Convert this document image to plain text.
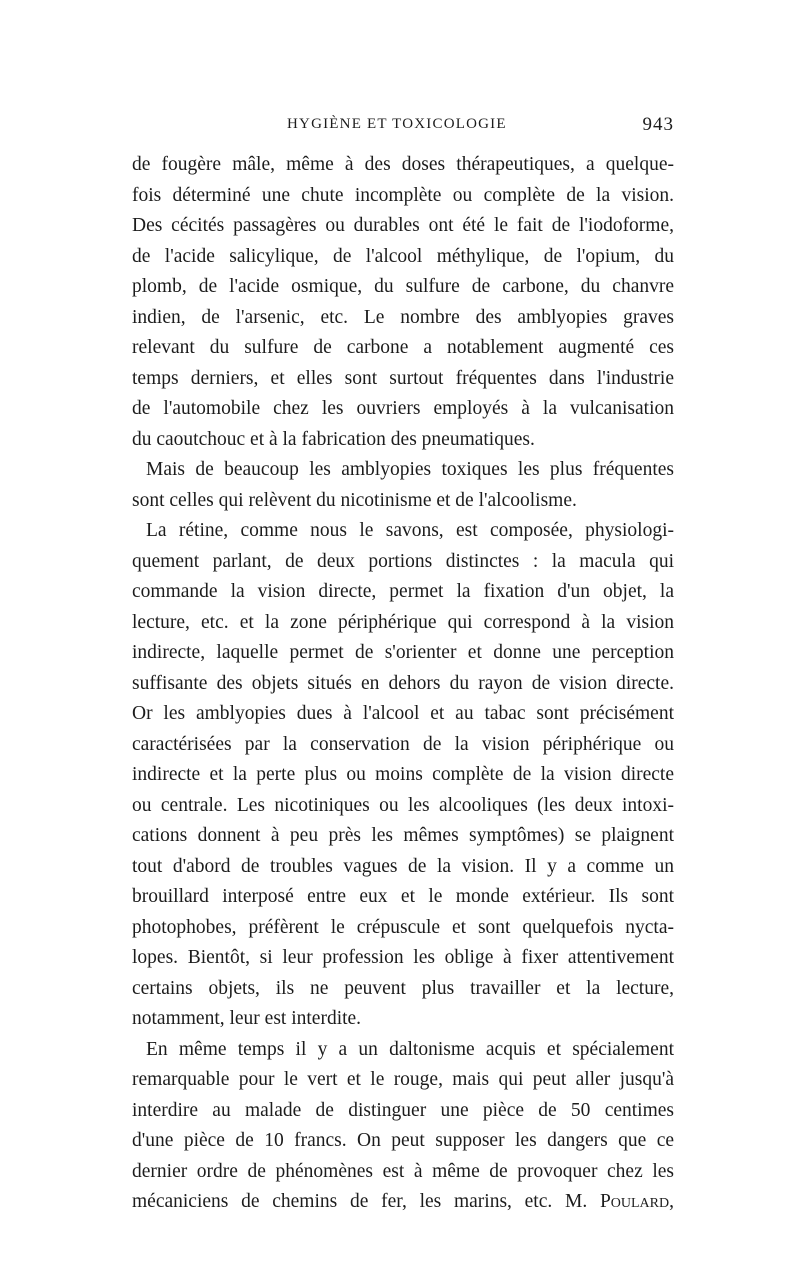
HYGIÈNE ET TOXICOLOGIE	943
de fougère mâle, même à des doses thérapeutiques, a quelque-
fois déterminé une chute incomplète ou complète de la vision.
Des cécités passagères ou durables ont été le fait de l'iodoforme,
de l'acide salicylique, de l'alcool méthylique, de l'opium, du
plomb, de l'acide osmique, du sulfure de carbone, du chanvre
indien, de l'arsenic, etc. Le nombre des amblyopies graves
relevant du sulfure de carbone a notablement augmenté ces
temps derniers, et elles sont surtout fréquentes dans l'industrie
de l'automobile chez les ouvriers employés à la vulcanisation
du caoutchouc et à la fabrication des pneumatiques.
Mais de beaucoup les amblyopies toxiques les plus fréquentes
sont celles qui relèvent du nicotinisme et de l'alcoolisme.
La rétine, comme nous le savons, est composée, physiologi-
quement parlant, de deux portions distinctes : la macula qui
commande la vision directe, permet la fixation d'un objet, la
lecture, etc. et la zone périphérique qui correspond à la vision
indirecte, laquelle permet de s'orienter et donne une perception
suffisante des objets situés en dehors du rayon de vision directe.
Or les amblyopies dues à l'alcool et au tabac sont précisément
caractérisées par la conservation de la vision périphérique ou
indirecte et la perte plus ou moins complète de la vision directe
ou centrale. Les nicotiniques ou les alcooliques (les deux intoxi-
cations donnent à peu près les mêmes symptômes) se plaignent
tout d'abord de troubles vagues de la vision. Il y a comme un
brouillard interposé entre eux et le monde extérieur. Ils sont
photophobes, préfèrent le crépuscule et sont quelquefois nycta-
lopes. Bientôt, si leur profession les oblige à fixer attentivement
certains objets, ils ne peuvent plus travailler et la lecture,
notamment, leur est interdite.
En même temps il y a un daltonisme acquis et spécialement
remarquable pour le vert et le rouge, mais qui peut aller jusqu'à
interdire au malade de distinguer une pièce de 50 centimes
d'une pièce de 10 francs. On peut supposer les dangers que ce
dernier ordre de phénomènes est à même de provoquer chez les
mécaniciens de chemins de fer, les marins, etc. M. Poulard,
